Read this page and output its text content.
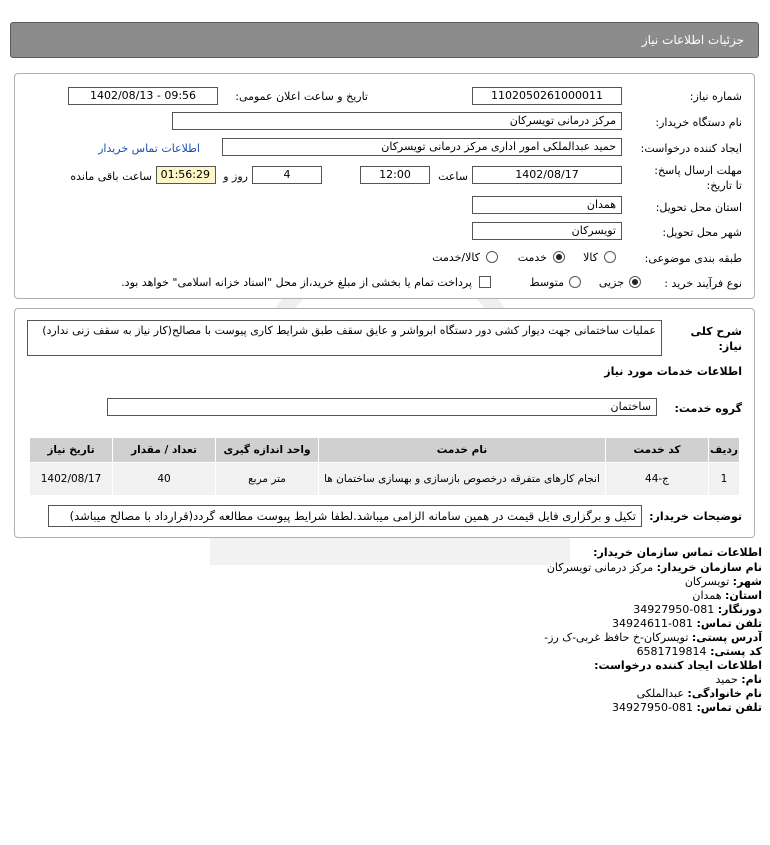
جزئیات اطلاعات نیاز
شماره نیاز:
1102050261000011
تاریخ و ساعت اعلان عمومی:
1402/08/13 - 09:56
نام دستگاه خریدار:
مرکز درمانی تویسرکان
ایجاد کننده درخواست:
حمید عبدالملکی امور اداری مرکز درمانی تویسرکان
اطلاعات تماس خریدار
مهلت ارسال پاسخ: تا تاریخ:
1402/08/17
ساعت
12:00
4
روز و
01:56:29
ساعت باقی مانده
استان محل تحویل:
همدان
شهر محل تحویل:
تویسرکان
طبقه بندی موضوعی:
کالا
خدمت
کالا/خدمت
نوع فرآیند خرید :
جزیی
متوسط
پرداخت تمام یا بخشی از مبلغ خرید،از محل "اسناد خزانه اسلامی" خواهد بود.
شرح کلی نیاز:
عملیات ساختمانی جهت دیوار کشی دور دستگاه ابرواشر و عایق سقف طبق شرایط کاری پیوست با مصالح(کار نیاز به سقف زنی ندارد)
اطلاعات خدمات مورد نیاز
گروه خدمت:
ساختمان
ردیف	کد خدمت	نام خدمت	واحد اندازه گیری	تعداد / مقدار	تاریخ نیاز
1	ج-44	انجام کارهای متفرقه درخصوص بازسازی و بهسازی ساختمان ها	متر مربع	40	1402/08/17
توضیحات خریدار:
تکیل و برگزاری فایل قیمت در همین سامانه الزامی میباشد.لطفا شرایط پیوست مطالعه گردد(قرارداد با مصالح میباشد)
اطلاعات تماس سازمان خریدار:
نام سازمان خریدار: مرکز درمانی تویسرکان
شهر: تویسرکان
استان: همدان
دورنگار: 081-34927950
تلفن تماس: 081-34924611
آدرس پستی: تویسرکان-خ حافظ غربی-ک رز-
کد پستی: 6581719814
اطلاعات ایجاد کننده درخواست:
نام: حمید
نام خانوادگی: عبدالملکی
تلفن تماس: 081-34927950
